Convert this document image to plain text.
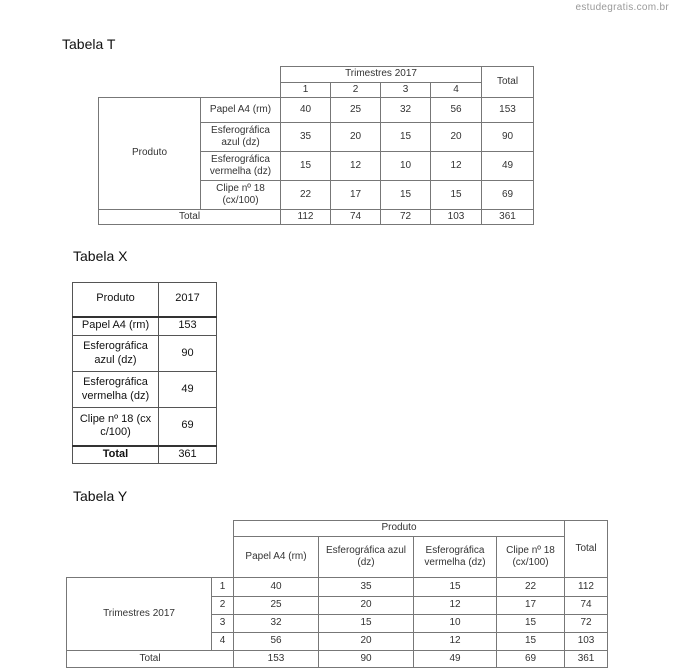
estudegratis.com.br
Tabela T
		Trimestres 2017				Total
		1	2	3	4	
Produto	Papel A4 (rm)	40	25	32	56	153
	Esferográfica azul (dz)	35	20	15	20	90
	Esferográfica vermelha (dz)	15	12	10	12	49
	Clipe nº 18 (cx/100)	22	17	15	15	69
Total		112	74	72	103	361
Tabela X
Produto	2017
Papel A4 (rm)	153
Esferográfica azul (dz)	90
Esferográfica vermelha (dz)	49
Clipe nº 18 (cx c/100)	69
Total	361
Tabela Y
		Produto				Total
		Papel A4 (rm)	Esferográfica azul (dz)	Esferográfica vermelha (dz)	Clipe nº 18 (cx/100)	
Trimestres 2017	1	40	35	15	22	112
	2	25	20	12	17	74
	3	32	15	10	15	72
	4	56	20	12	15	103
Total		153	90	49	69	361
